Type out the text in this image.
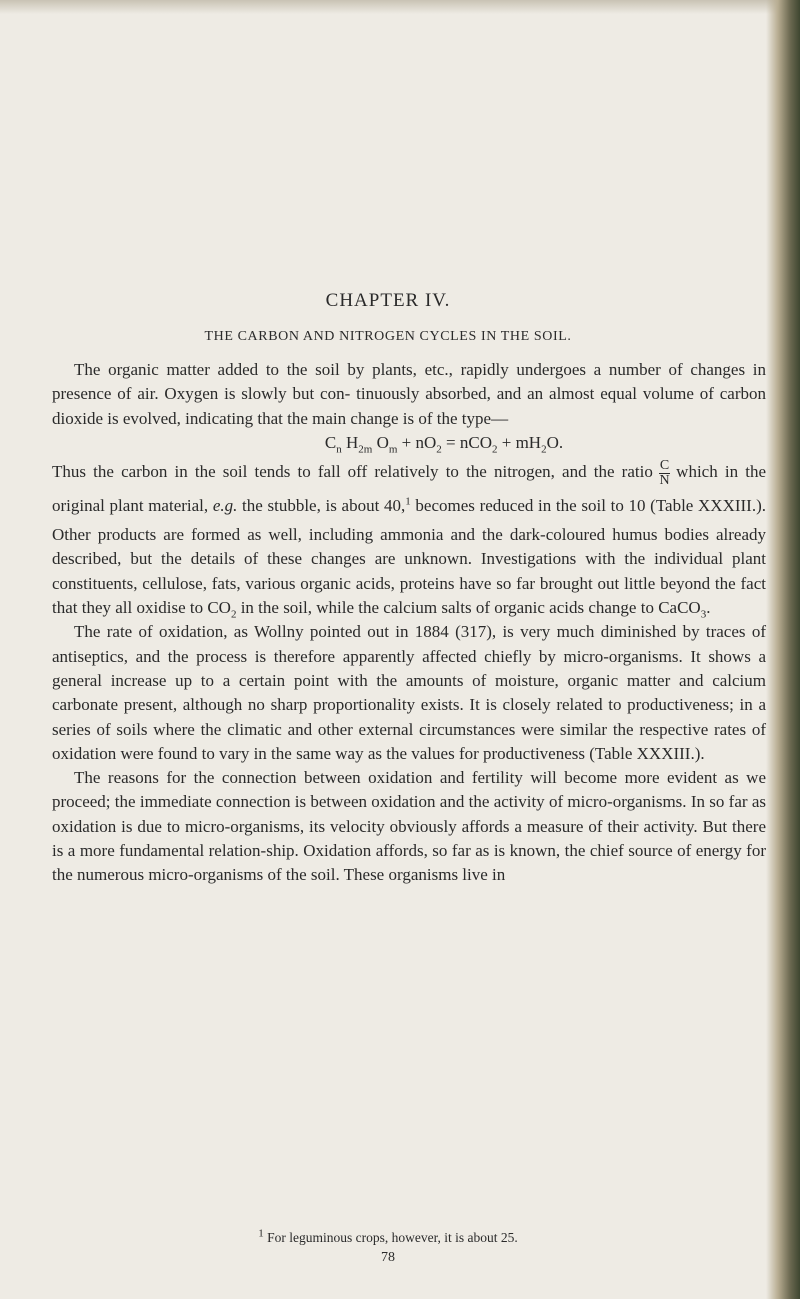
CHAPTER IV.
THE CARBON AND NITROGEN CYCLES IN THE SOIL.

The organic matter added to the soil by plants, etc., rapidly undergoes a number of changes in presence of air. Oxygen is slowly but con- tinuously absorbed, and an almost equal volume of carbon dioxide is evolved, indicating that the main change is of the type—

$C_n$ $H_{2m}$ $O_m + nO_2 = nCO_2 + mH_2O$.

Thus the carbon in the soil tends to fall off relatively to the nitrogen, and the ratio $\frac{C}{N}$ which in the original plant material, e.g. the stubble, is about 40,$^1$ becomes reduced in the soil to 10 (Table XXXIII.). Other products are formed as well, including ammonia and the dark-coloured humus bodies already described, but the details of these changes are unknown. Investigations with the individual plant constituents, cellulose, fats, various organic acids, proteins have so far brought out little beyond the fact that they all oxidise to $CO_2$ in the soil, while the calcium salts of organic acids change to CaCO$_3$.

The rate of oxidation, as Wollny pointed out in 1884 (317), is very much diminished by traces of antiseptics, and the process is therefore apparently affected chiefly by micro-organisms. It shows a general increase up to a certain point with the amounts of moisture, organic matter and calcium carbonate present, although no sharp proportionality exists. It is closely related to productiveness; in a series of soils where the climatic and other external circumstances were similar the respective rates of oxidation were found to vary in the same way as the values for productiveness (Table XXXIII.).

The reasons for the connection between oxidation and fertility will become more evident as we proceed; the immediate connection is between oxidation and the activity of micro-organisms. In so far as oxidation is due to micro-organisms, its velocity obviously affords a measure of their activity. But there is a more fundamental relation-ship. Oxidation affords, so far as is known, the chief source of energy for the numerous micro-organisms of the soil. These organisms live in

$^1$ For leguminous crops, however, it is about 25.
78
